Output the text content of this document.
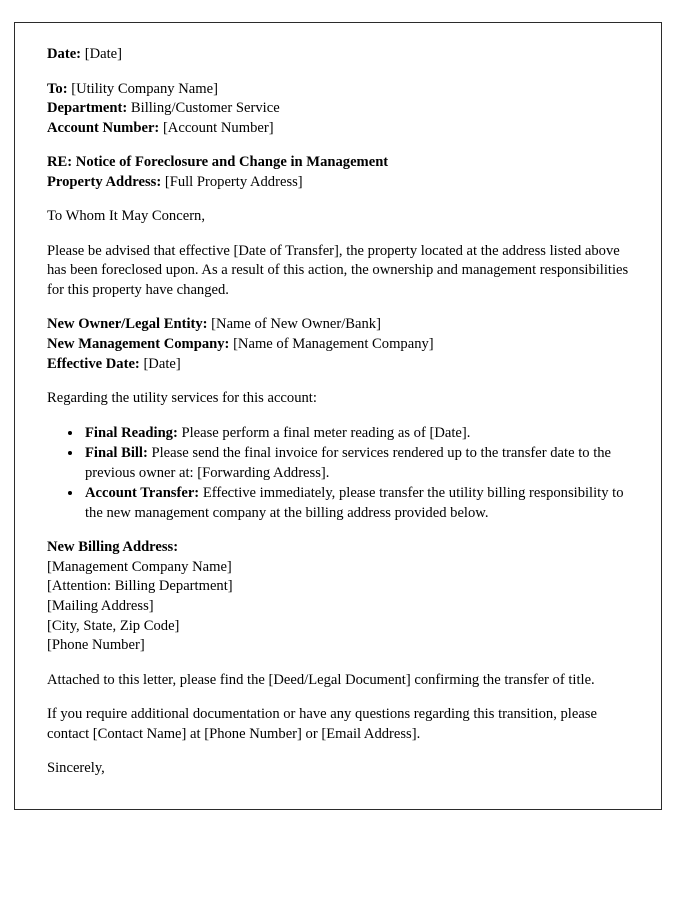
Date: [Date]
To: [Utility Company Name]
Department: Billing/Customer Service
Account Number: [Account Number]
RE: Notice of Foreclosure and Change in Management
Property Address: [Full Property Address]

To Whom It May Concern,

Please be advised that effective [Date of Transfer], the property located at the address listed above has been foreclosed upon. As a result of this action, the ownership and management responsibilities for this property have changed.

New Owner/Legal Entity: [Name of New Owner/Bank]
New Management Company: [Name of Management Company]
Effective Date: [Date]

Regarding the utility services for this account:

• Final Reading: Please perform a final meter reading as of [Date].
• Final Bill: Please send the final invoice for services rendered up to the transfer date to the previous owner at: [Forwarding Address].
• Account Transfer: Effective immediately, please transfer the utility billing responsibility to the new management company at the billing address provided below.
New Billing Address:
[Management Company Name]
[Attention: Billing Department]
[Mailing Address]
[City, State, Zip Code]
[Phone Number]

Attached to this letter, please find the [Deed/Legal Document] confirming the transfer of title.

If you require additional documentation or have any questions regarding this transition, please contact [Contact Name] at [Phone Number] or [Email Address].

Sincerely,
